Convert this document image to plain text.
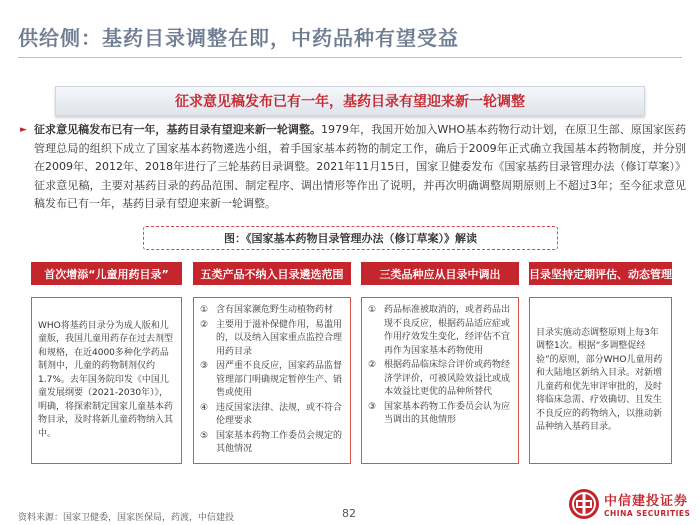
供给侧：基药目录调整在即，中药品种有望受益
征求意见稿发布已有一年，基药目录有望迎来新一轮调整
► 征求意见稿发布已有一年，基药目录有望迎来新一轮调整。1979年，我国开始加入WHO基本药物行动计划，在原卫生部、原国家医药管理总局的组织下成立了国家基本药物遴选小组，着手国家基本药物的制定工作，确后于2009年正式确立我国基本药物制度，并分别在2009年、2012年、2018年进行了三轮基药目录调整。2021年11月15日，国家卫健委发布《国家基药目录管理办法（修订草案）》征求意见稿，主要对基药目录的药品范围、制定程序、调出情形等作出了说明，并再次明确调整周期原则上不超过3年；至今征求意见稿发布已有一年，基药目录有望迎来新一轮调整。
图：《国家基本药物目录管理办法（修订草案）》解读
首次增添“儿童用药目录”
WHO将基药目录分为成人版和儿童版，我国儿童用药存在过去剂型和规格，在近4000多种化学药品制剂中，儿童的药物制剂仅约1.7%。去年国务院印发《中国儿童发展纲要（2021-2030年）》，明确，将探索制定国家儿童基本药物目录，及时将新儿童药物纳入其中。
五类产品不纳入目录遴选范围
① 含有国家濒危野生动植物药材
② 主要用于滋补保健作用，易滥用的，以及纳入国家重点监控合理用药目录
③ 因严重不良反应，国家药品监督管理部门明确规定暂停生产、销售或使用
④ 违反国家法律、法规，或不符合伦理要求
⑤ 国家基本药物工作委员会规定的其他情况
三类品种应从目录中调出
① 药品标准被取消的，或者药品出现不良反应，根据药品适应症或作用疗效发生变化，经评估不宜再作为国家基本药物使用
② 根据药品临床综合评价或药物经济学评价，可被风险效益比或成本效益比更优的品种所替代
③ 国家基本药物工作委员会认为应当调出的其他情形
目录坚持定期评估、动态管理
目录实施动态调整原则上每3年调整1次。根据“多调整促经验”的原则，部分WHO儿童用药和大陆地区新纳入目录。对新增儿童药和优先审评审批的，及时将临床急需、疗效确切、且发生不良反应的药物纳入，以推动新品种纳入基药目录。
资料来源：国家卫健委，国家医保局，药渡，中信建投	82
中信建投证券
CHINA SECURITIES
